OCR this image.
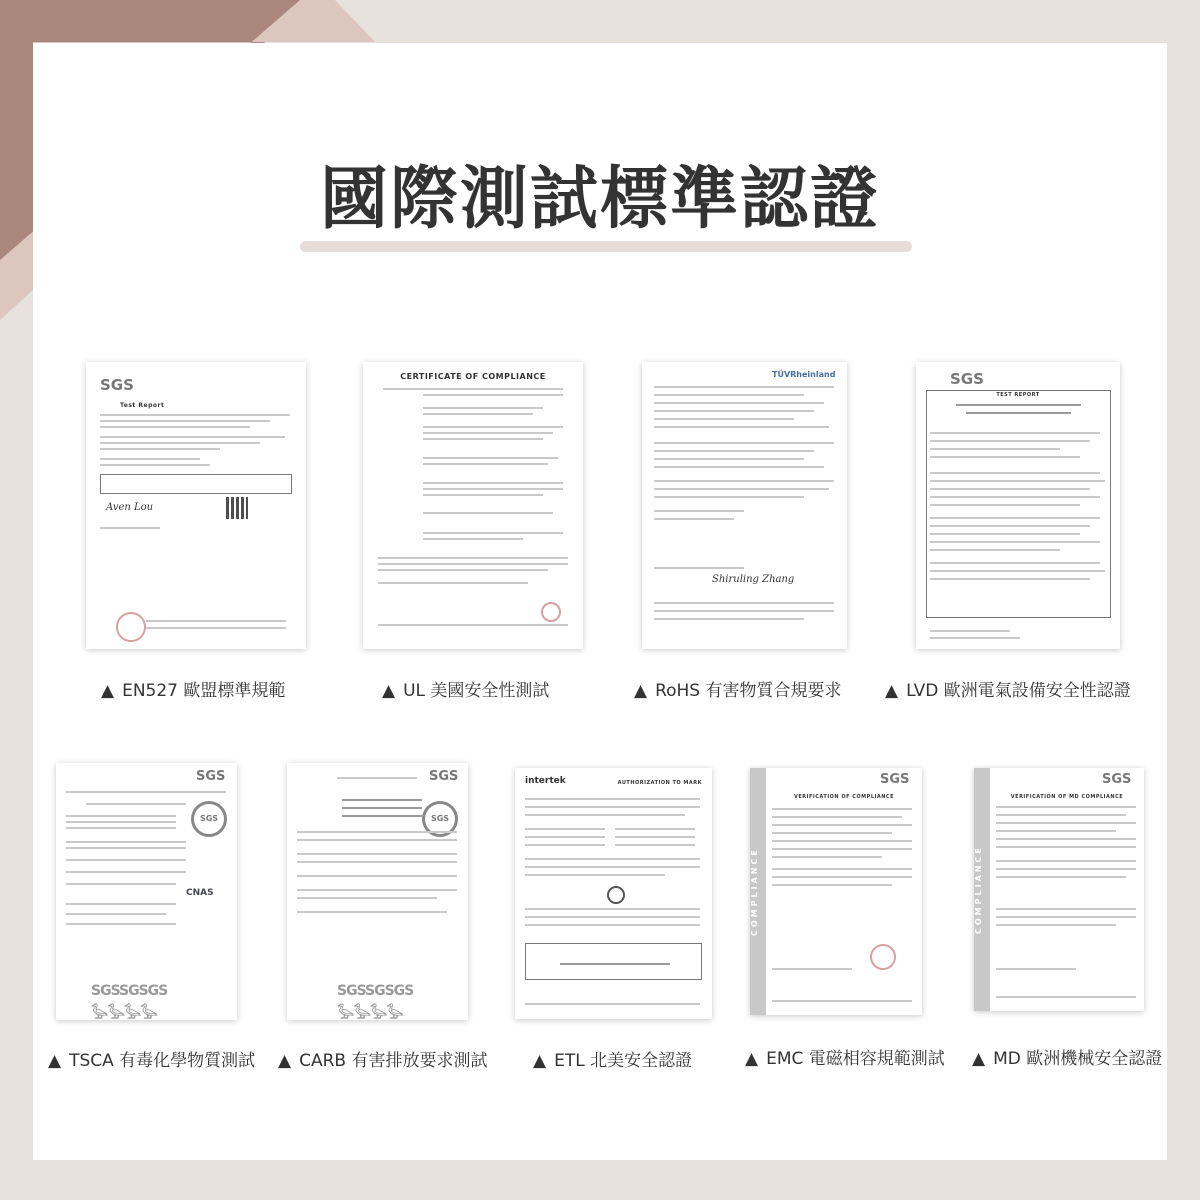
國際測試標準認證
SGS
Test Report
Aven Lou
▲ EN527 歐盟標準規範
CERTIFICATE OF COMPLIANCE
▲ UL 美國安全性測試
TÜVRheinland
Shiruling Zhang
▲ RoHS 有害物質合規要求
SGS
TEST REPORT
▲ LVD 歐洲電氣設備安全性認證
SGS
SGS
CNAS
SGSSGSGS 𓅭𓅭𓅭𓅭
▲ TSCA 有毒化學物質測試
SGS
SGS
SGSSGSGS 𓅭𓅭𓅭𓅭
▲ CARB 有害排放要求測試
intertek	AUTHORIZATION TO MARK
▲ ETL 北美安全認證
COMPLIANCE
SGS
VERIFICATION OF COMPLIANCE
▲ EMC 電磁相容規範測試
COMPLIANCE
SGS
VERIFICATION OF MD COMPLIANCE
▲ MD 歐洲機械安全認證
